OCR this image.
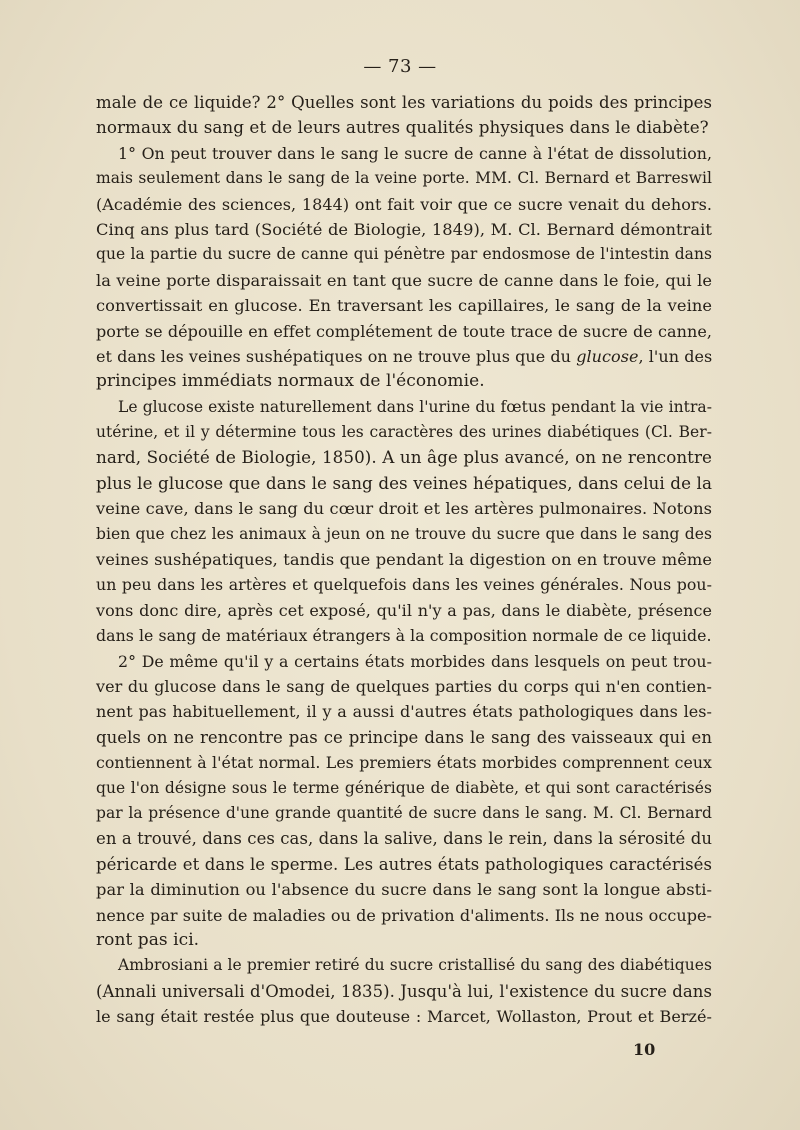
— 73 —
male de ce liquide? 2° Quelles sont les variations du poids des principes
normaux du sang et de leurs autres qualités physiques dans le diabète?
1° On peut trouver dans le sang le sucre de canne à l'état de dissolution,
mais seulement dans le sang de la veine porte. MM. Cl. Bernard et Barreswil
(Académie des sciences, 1844) ont fait voir que ce sucre venait du dehors.
Cinq ans plus tard (Société de Biologie, 1849), M. Cl. Bernard démontrait
que la partie du sucre de canne qui pénètre par endosmose de l'intestin dans
la veine porte disparaissait en tant que sucre de canne dans le foie, qui le
convertissait en glucose. En traversant les capillaires, le sang de la veine
porte se dépouille en effet complétement de toute trace de sucre de canne,
et dans les veines sushépatiques on ne trouve plus que du glucose, l'un des
principes immédiats normaux de l'économie.
Le glucose existe naturellement dans l'urine du fœtus pendant la vie intra-
utérine, et il y détermine tous les caractères des urines diabétiques (Cl. Ber-
nard, Société de Biologie, 1850). A un âge plus avancé, on ne rencontre
plus le glucose que dans le sang des veines hépatiques, dans celui de la
veine cave, dans le sang du cœur droit et les artères pulmonaires. Notons
bien que chez les animaux à jeun on ne trouve du sucre que dans le sang des
veines sushépatiques, tandis que pendant la digestion on en trouve même
un peu dans les artères et quelquefois dans les veines générales. Nous pou-
vons donc dire, après cet exposé, qu'il n'y a pas, dans le diabète, présence
dans le sang de matériaux étrangers à la composition normale de ce liquide.
2° De même qu'il y a certains états morbides dans lesquels on peut trou-
ver du glucose dans le sang de quelques parties du corps qui n'en contien-
nent pas habituellement, il y a aussi d'autres états pathologiques dans les-
quels on ne rencontre pas ce principe dans le sang des vaisseaux qui en
contiennent à l'état normal. Les premiers états morbides comprennent ceux
que l'on désigne sous le terme générique de diabète, et qui sont caractérisés
par la présence d'une grande quantité de sucre dans le sang. M. Cl. Bernard
en a trouvé, dans ces cas, dans la salive, dans le rein, dans la sérosité du
péricarde et dans le sperme. Les autres états pathologiques caractérisés
par la diminution ou l'absence du sucre dans le sang sont la longue absti-
nence par suite de maladies ou de privation d'aliments. Ils ne nous occupe-
ront pas ici.
Ambrosiani a le premier retiré du sucre cristallisé du sang des diabétiques
(Annali universali d'Omodei, 1835). Jusqu'à lui, l'existence du sucre dans
le sang était restée plus que douteuse : Marcet, Wollaston, Prout et Berzé-
10
